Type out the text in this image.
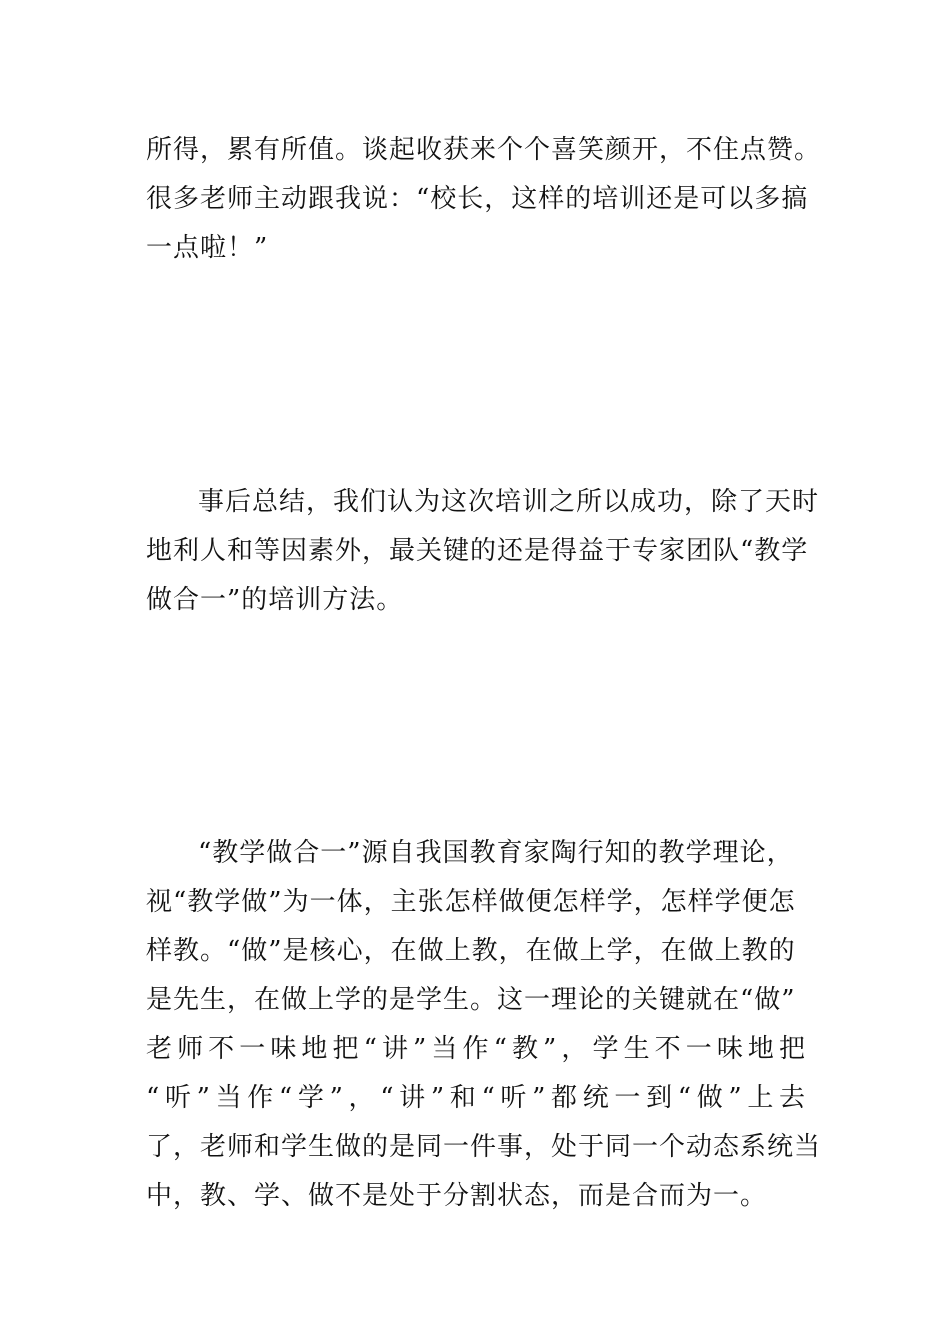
所得，累有所值。谈起收获来个个喜笑颜开，不住点赞。
很多老师主动跟我说：“校长，这样的培训还是可以多搞
一点啦！”
事后总结，我们认为这次培训之所以成功，除了天时
地利人和等因素外，最关键的还是得益于专家团队“教学
做合一”的培训方法。
“教学做合一”源自我国教育家陶行知的教学理论，
视“教学做”为一体，主张怎样做便怎样学，怎样学便怎
样教。“做”是核心，在做上教，在做上学，在做上教的
是先生，在做上学的是学生。这一理论的关键就在“做”
老师不一味地把“讲”当作“教”，学生不一味地把
“听”当作“学”，“讲”和“听”都统一到“做”上去
了，老师和学生做的是同一件事，处于同一个动态系统当
中，教、学、做不是处于分割状态，而是合而为一。
